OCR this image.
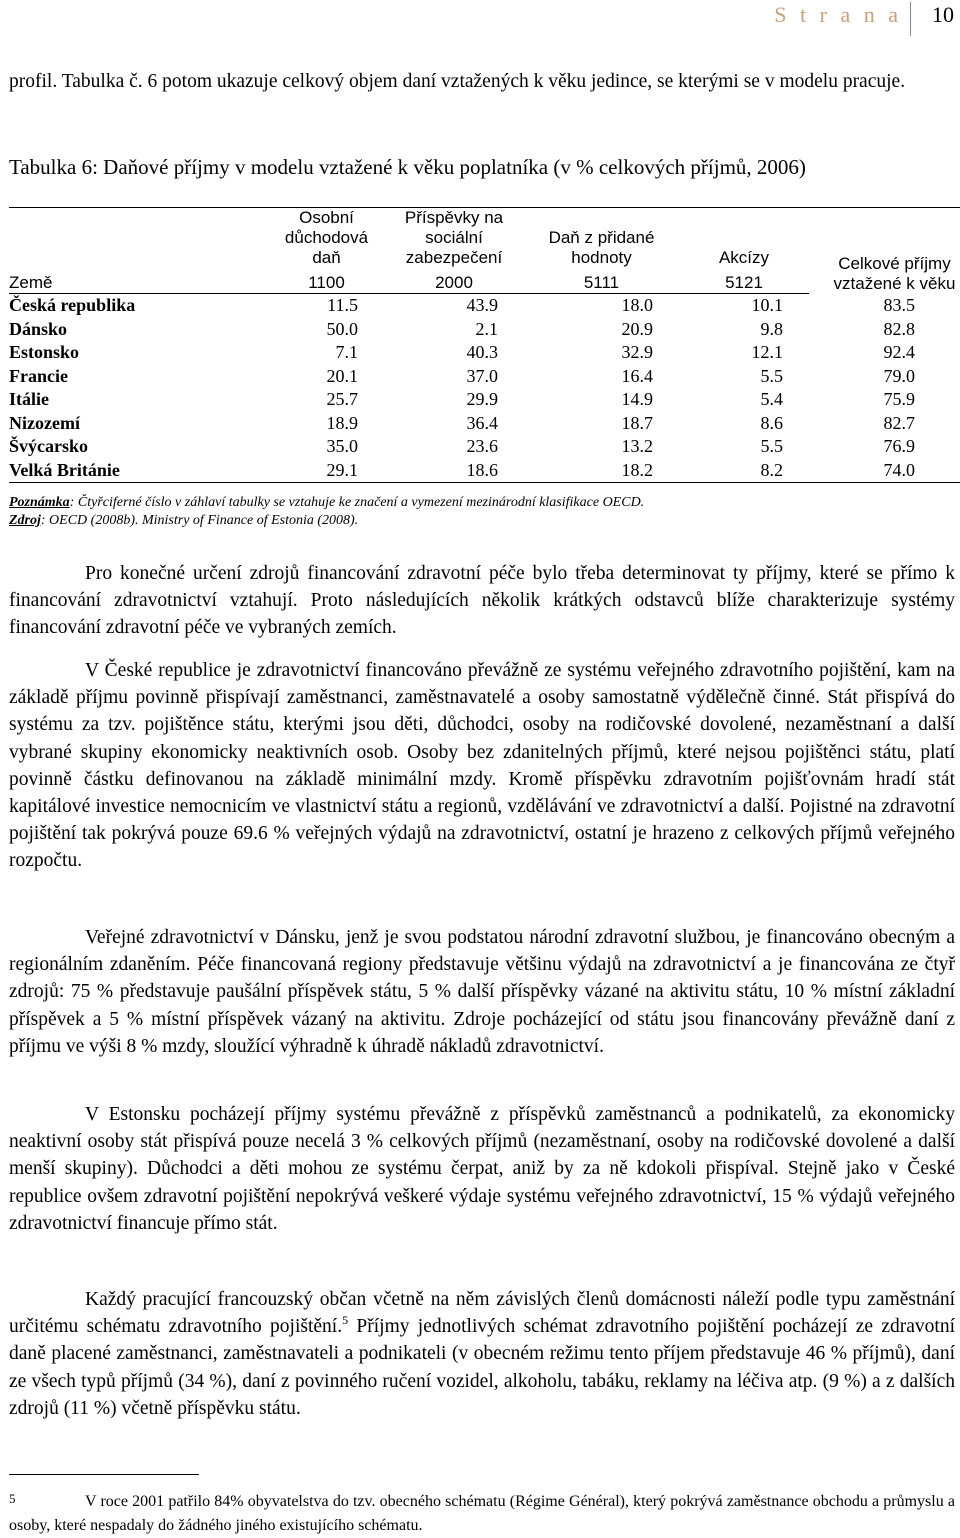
S t r a n a 10

profil. Tabulka č. 6 potom ukazuje celkový objem daní vztažených k věku jedince, se kterými se v modelu pracuje.

Tabulka 6: Daňové příjmy v modelu vztažené k věku poplatníka (v % celkových příjmů, 2006)

	Osobní důchodová daň	Příspěvky na sociální zabezpečení	Daň z přidané hodnoty	Akcízy	Celkové příjmy vztažené k věku
Země	1100	2000	5111	5121	
Česká republika	11.5	43.9	18.0	10.1	83.5
Dánsko	50.0	2.1	20.9	9.8	82.8
Estonsko	7.1	40.3	32.9	12.1	92.4
Francie	20.1	37.0	16.4	5.5	79.0
Itálie	25.7	29.9	14.9	5.4	75.9
Nizozemí	18.9	36.4	18.7	8.6	82.7
Švýcarsko	35.0	23.6	13.2	5.5	76.9
Velká Británie	29.1	18.6	18.2	8.2	74.0

Poznámka: Čtyřciferné číslo v záhlaví tabulky se vztahuje ke značení a vymezení mezinárodní klasifikace OECD.

Zdroj: OECD (2008b). Ministry of Finance of Estonia (2008).

Pro konečné určení zdrojů financování zdravotní péče bylo třeba determinovat ty příjmy, které se přímo k financování zdravotnictví vztahují. Proto následujících několik krátkých odstavců blíže charakterizuje systémy financování zdravotní péče ve vybraných zemích.

V České republice je zdravotnictví financováno převážně ze systému veřejného zdravotního pojištění, kam na základě příjmu povinně přispívají zaměstnanci, zaměstnavatelé a osoby samostatně výdělečně činné. Stát přispívá do systému za tzv. pojištěnce státu, kterými jsou děti, důchodci, osoby na rodičovské dovolené, nezaměstnaní a další vybrané skupiny ekonomicky neaktivních osob. Osoby bez zdanitelných příjmů, které nejsou pojištěnci státu, platí povinně částku definovanou na základě minimální mzdy. Kromě příspěvku zdravotním pojišťovnám hradí stát kapitálové investice nemocnicím ve vlastnictví státu a regionů, vzdělávání ve zdravotnictví a další. Pojistné na zdravotní pojištění tak pokrývá pouze 69.6 % veřejných výdajů na zdravotnictví, ostatní je hrazeno z celkových příjmů veřejného rozpočtu.

Veřejné zdravotnictví v Dánsku, jenž je svou podstatou národní zdravotní službou, je financováno obecným a regionálním zdaněním. Péče financovaná regiony představuje většinu výdajů na zdravotnictví a je financována ze čtyř zdrojů: 75 % představuje paušální příspěvek státu, 5 % další příspěvky vázané na aktivitu státu, 10 % místní základní příspěvek a 5 % místní příspěvek vázaný na aktivitu. Zdroje pocházející od státu jsou financovány převážně daní z příjmu ve výši 8 % mzdy, sloužící výhradně k úhradě nákladů zdravotnictví.

V Estonsku pocházejí příjmy systému převážně z příspěvků zaměstnanců a podnikatelů, za ekonomicky neaktivní osoby stát přispívá pouze necelá 3 % celkových příjmů (nezaměstnaní, osoby na rodičovské dovolené a další menší skupiny). Důchodci a děti mohou ze systému čerpat, aniž by za ně kdokoli přispíval. Stejně jako v České republice ovšem zdravotní pojištění nepokrývá veškeré výdaje systému veřejného zdravotnictví, 15 % výdajů veřejného zdravotnictví financuje přímo stát.

Každý pracující francouzský občan včetně na něm závislých členů domácnosti náleží podle typu zaměstnání určitému schématu zdravotního pojištění.$^5$ Příjmy jednotlivých schémat zdravotního pojištění pocházejí ze zdravotní daně placené zaměstnanci, zaměstnavateli a podnikateli (v obecném režimu tento příjem představuje 46 % příjmů), daní ze všech typů příjmů (34 %), daní z povinného ručení vozidel, alkoholu, tabáku, reklamy na léčiva atp. (9 %) a z dalších zdrojů (11 %) včetně příspěvku státu.

5	V roce 2001 patřilo 84% obyvatelstva do tzv. obecného schématu (Régime Général), který pokrývá zaměstnance obchodu a průmyslu a osoby, které nespadaly do žádného jiného existujícího schématu.
